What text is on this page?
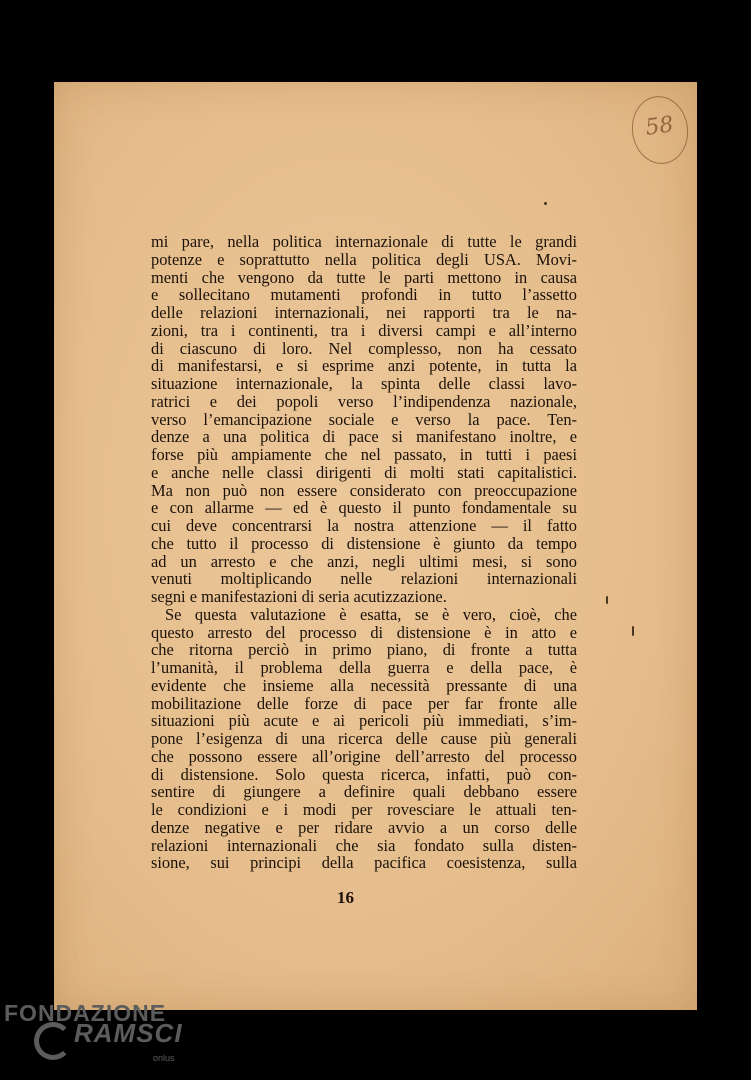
58
mi pare, nella politica internazionale di tutte le grandi
potenze e soprattutto nella politica degli USA. Movi-
menti che vengono da tutte le parti mettono in causa
e sollecitano mutamenti profondi in tutto l’assetto
delle relazioni internazionali, nei rapporti tra le na-
zioni, tra i continenti, tra i diversi campi e all’interno
di ciascuno di loro. Nel complesso, non ha cessato
di manifestarsi, e si esprime anzi potente, in tutta la
situazione internazionale, la spinta delle classi lavo-
ratrici e dei popoli verso l’indipendenza nazionale,
verso l’emancipazione sociale e verso la pace. Ten-
denze a una politica di pace si manifestano inoltre, e
forse più ampiamente che nel passato, in tutti i paesi
e anche nelle classi dirigenti di molti stati capitalistici.
Ma non può non essere considerato con preoccupazione
e con allarme — ed è questo il punto fondamentale su
cui deve concentrarsi la nostra attenzione — il fatto
che tutto il processo di distensione è giunto da tempo
ad un arresto e che anzi, negli ultimi mesi, si sono
venuti moltiplicando nelle relazioni internazionali
segni e manifestazioni di seria acutizzazione.
Se questa valutazione è esatta, se è vero, cioè, che
questo arresto del processo di distensione è in atto e
che ritorna perciò in primo piano, di fronte a tutta
l’umanità, il problema della guerra e della pace, è
evidente che insieme alla necessità pressante di una
mobilitazione delle forze di pace per far fronte alle
situazioni più acute e ai pericoli più immediati, s’im-
pone l’esigenza di una ricerca delle cause più generali
che possono essere all’origine dell’arresto del processo
di distensione. Solo questa ricerca, infatti, può con-
sentire di giungere a definire quali debbano essere
le condizioni e i modi per rovesciare le attuali ten-
denze negative e per ridare avvio a un corso delle
relazioni internazionali che sia fondato sulla disten-
sione, sui principi della pacifica coesistenza, sulla
16
FONDAZIONE
RAMSCI
onlus
